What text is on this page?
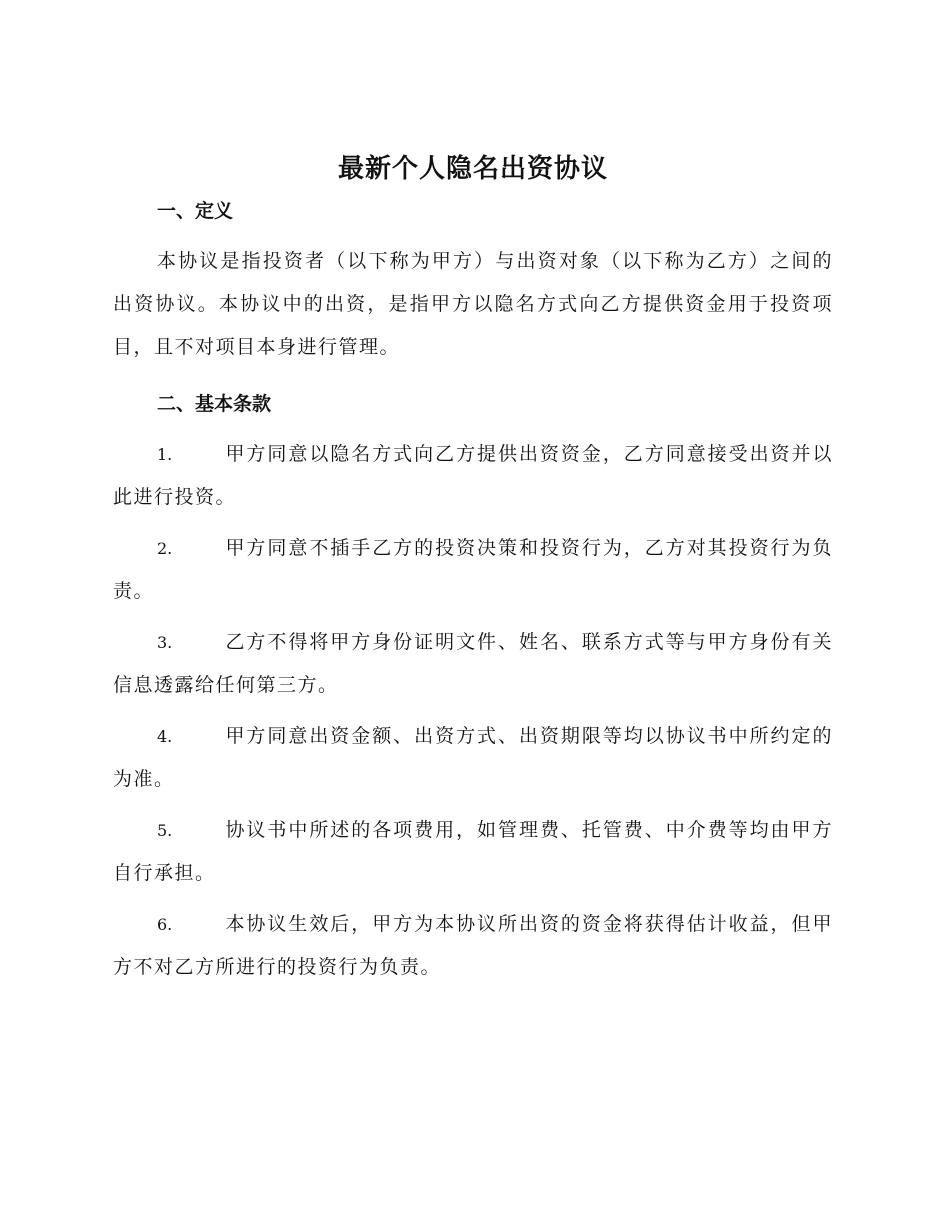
最新个人隐名出资协议
一、定义

本协议是指投资者（以下称为甲方）与出资对象（以下称为乙方）之间的出资协议。本协议中的出资，是指甲方以隐名方式向乙方提供资金用于投资项目，且不对项目本身进行管理。

二、基本条款

1.	甲方同意以隐名方式向乙方提供出资资金，乙方同意接受出资并以此进行投资。

2.	甲方同意不插手乙方的投资决策和投资行为，乙方对其投资行为负责。

3.	乙方不得将甲方身份证明文件、姓名、联系方式等与甲方身份有关信息透露给任何第三方。

4.	甲方同意出资金额、出资方式、出资期限等均以协议书中所约定的为准。

5.	协议书中所述的各项费用，如管理费、托管费、中介费等均由甲方自行承担。

6.	本协议生效后，甲方为本协议所出资的资金将获得估计收益，但甲方不对乙方所进行的投资行为负责。
